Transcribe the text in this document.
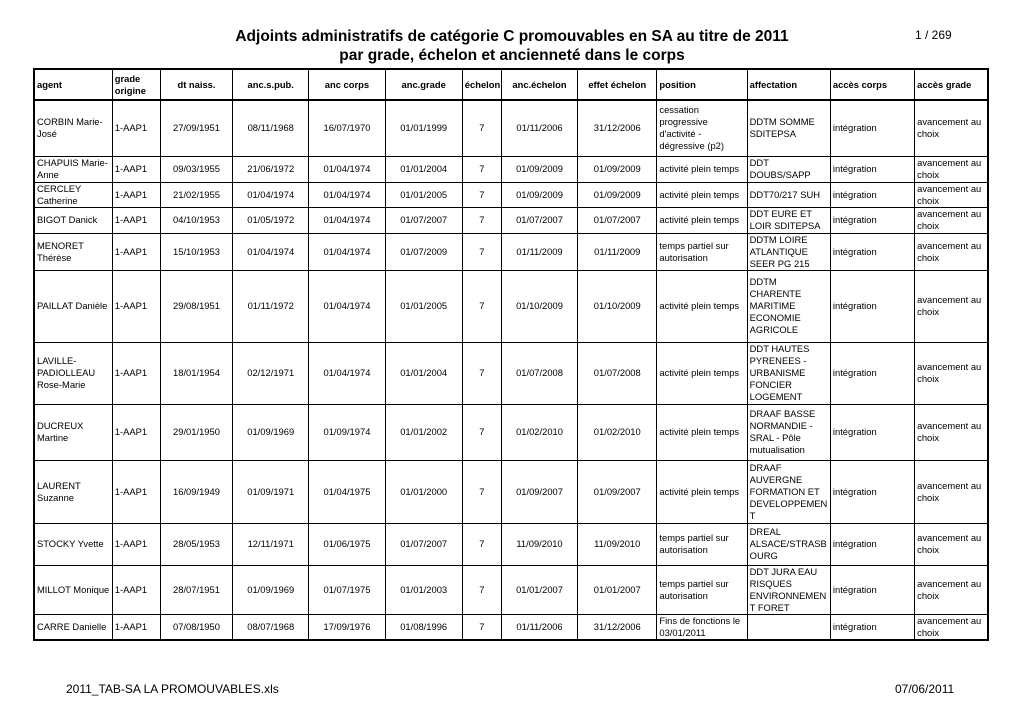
Adjoints administratifs de catégorie C promouvables en SA au titre de 2011
par grade, échelon et ancienneté dans le corps
1 / 269
agent	grade origine	dt naiss.	anc.s.pub.	anc corps	anc.grade	échelon	anc.échelon	effet échelon	position	affectation	accès corps	accès grade
CORBIN Marie-José	1-AAP1	27/09/1951	08/11/1968	16/07/1970	01/01/1999	7	01/11/2006	31/12/2006	cessation progressive d'activité - dégressive (p2)	DDTM SOMME SDITEPSA	intégration	avancement au choix
CHAPUIS Marie-Anne	1-AAP1	09/03/1955	21/06/1972	01/04/1974	01/01/2004	7	01/09/2009	01/09/2009	activité plein temps	DDT DOUBS/SAPP	intégration	avancement au choix
CERCLEY Catherine	1-AAP1	21/02/1955	01/04/1974	01/04/1974	01/01/2005	7	01/09/2009	01/09/2009	activité plein temps	DDT70/217 SUH	intégration	avancement au choix
BIGOT Danick	1-AAP1	04/10/1953	01/05/1972	01/04/1974	01/07/2007	7	01/07/2007	01/07/2007	activité plein temps	DDT EURE ET LOIR SDITEPSA	intégration	avancement au choix
MENORET Thérèse	1-AAP1	15/10/1953	01/04/1974	01/04/1974	01/07/2009	7	01/11/2009	01/11/2009	temps partiel sur autorisation	DDTM LOIRE ATLANTIQUE SEER PG 215	intégration	avancement au choix
PAILLAT Danièle	1-AAP1	29/08/1951	01/11/1972	01/04/1974	01/01/2005	7	01/10/2009	01/10/2009	activité plein temps	DDTM CHARENTE MARITIME ECONOMIE AGRICOLE	intégration	avancement au choix
LAVILLE-PADIOLLEAU Rose-Marie	1-AAP1	18/01/1954	02/12/1971	01/04/1974	01/01/2004	7	01/07/2008	01/07/2008	activité plein temps	DDT HAUTES PYRENEES - URBANISME FONCIER LOGEMENT	intégration	avancement au choix
DUCREUX Martine	1-AAP1	29/01/1950	01/09/1969	01/09/1974	01/01/2002	7	01/02/2010	01/02/2010	activité plein temps	DRAAF BASSE NORMANDIE - SRAL - Pôle mutualisation	intégration	avancement au choix
LAURENT Suzanne	1-AAP1	16/09/1949	01/09/1971	01/04/1975	01/01/2000	7	01/09/2007	01/09/2007	activité plein temps	DRAAF AUVERGNE FORMATION ET DEVELOPPEMEN T	intégration	avancement au choix
STOCKY Yvette	1-AAP1	28/05/1953	12/11/1971	01/06/1975	01/07/2007	7	11/09/2010	11/09/2010	temps partiel sur autorisation	DREAL ALSACE/STRASB OURG	intégration	avancement au choix
MILLOT Monique	1-AAP1	28/07/1951	01/09/1969	01/07/1975	01/01/2003	7	01/01/2007	01/01/2007	temps partiel sur autorisation	DDT JURA EAU RISQUES ENVIRONNEMEN T FORET	intégration	avancement au choix
CARRE Danielle	1-AAP1	07/08/1950	08/07/1968	17/09/1976	01/08/1996	7	01/11/2006	31/12/2006	Fins de fonctions le 03/01/2011		intégration	avancement au choix
2011_TAB-SA LA PROMOUVABLES.xls	07/06/2011
